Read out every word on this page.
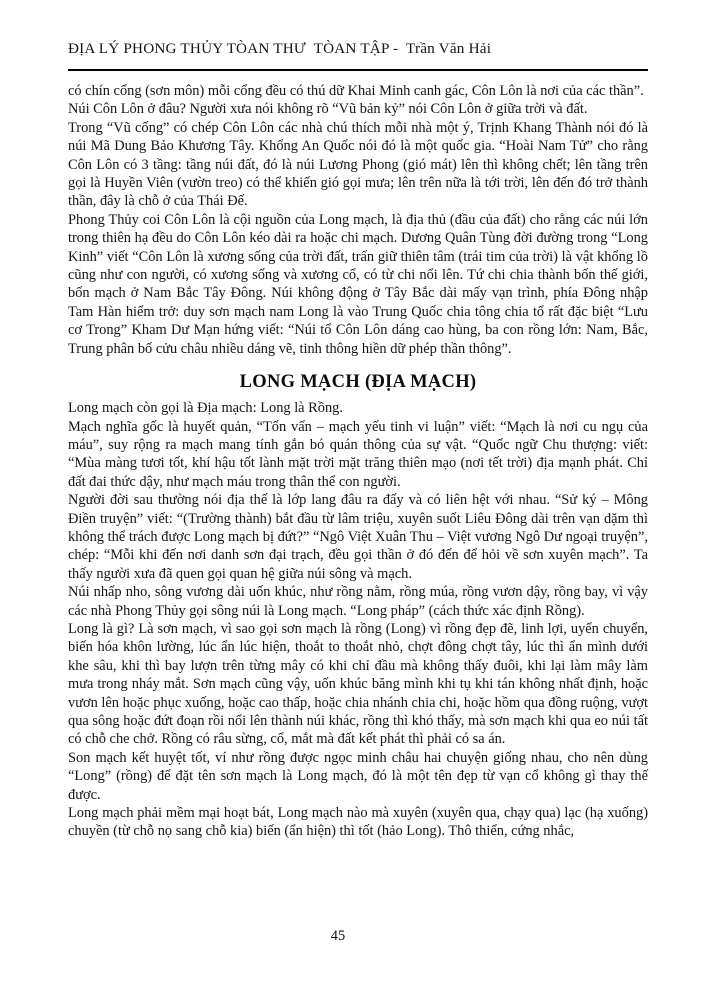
ĐỊA LÝ PHONG THỦY TÒAN THƯ  TÒAN TẬP -  Trần Văn Hải

có chín cổng (sơn môn) mỗi cổng đều có thú dữ Khai Minh canh gác, Côn Lôn là nơi của các thần”.

Núi Côn Lôn ở đâu? Người xưa nói không rõ “Vũ bản kỷ” nói Côn Lôn ở giữa trời và đất.

Trong “Vũ cống” có chép Côn Lôn các nhà chú thích mỗi nhà một ý, Trịnh Khang Thành nói đó là núi Mã Dung Bảo Khương Tây. Khổng An Quốc nói đó là một quốc gia. “Hoài Nam Tử” cho rằng Côn Lôn có 3 tầng: tầng núi đất, đó là núi Lương Phong (gió mát) lên thì không chết; lên tầng trên gọi là Huyền Viên (vườn treo) có thể khiến gió gọi mưa; lên trên nữa là tới trời, lên đến đó trở thành thần, đây là chỗ ở của Thái Đế.

Phong Thủy coi Côn Lôn là cội nguồn của Long mạch, là địa thủ (đầu của đất) cho rằng các núi lớn trong thiên hạ đều do Côn Lôn kéo dài ra hoặc chi mạch. Dương Quân Tùng đời đường trong “Long Kinh” viết “Côn Lôn là xương sống của trời đất, trấn giữ thiên tâm (trái tim của trời) là vật khổng lồ cũng như con người, có xương sống và xương cổ, có từ chi nổi lên. Tứ chi chia thành bốn thế giới, bốn mạch ở Nam Bắc Tây Đông. Núi không động ở Tây Bắc dài mấy vạn trình, phía Đông nhập Tam Hàn hiểm trở: duy sơn mạch nam Long là vào Trung Quốc chia tông chia tổ rất đặc biệt “Lưu cơ Trong” Kham Dư Mạn hứng viết: “Núi tổ Côn Lôn dáng cao hùng, ba con rồng lớn: Nam, Bắc, Trung phân bố cửu châu nhiều dáng vẽ, tinh thông hiền dữ phép thần thông”.

LONG MẠCH (ĐỊA MẠCH)

Long mạch còn gọi là Địa mạch: Long là Rồng.

Mạch nghĩa gốc là huyết quản, “Tốn vấn – mạch yếu tinh vi luận” viết: “Mạch là nơi cu ngụ của máu”, suy rộng ra mạch mang tính gắn bó quán thông của sự vật. “Quốc ngữ Chu thượng: viết: “Mùa màng tươi tốt, khí hậu tốt lành mặt trời mặt trăng thiên mạo (nơi tết trời) địa mạnh phát. Chỉ đất đai thức dậy, như mạch máu trong thân thể con người.

Người đời sau thường nói địa thế là lớp lang đâu ra đấy và có liên hệt với nhau. “Sử ký – Mông Điền truyện” viết: “(Trường thành) bắt đầu từ lâm triệu, xuyên suốt Liêu Đông dài trên vạn dặm thì không thể trách được Long mạch bị đứt?” “Ngô Việt Xuân Thu – Việt vương Ngô Dư ngoại truyện”, chép: “Mỗi khi đến nơi danh sơn đại trạch, đều gọi thần ở đó đến để hỏi về sơn xuyên mạch”. Ta thấy người xưa đã quen gọi quan hệ giữa núi sông và mạch.

Núi nhấp nho, sông vương dài uốn khúc, như rồng nằm, rồng múa, rồng vươn dậy, rồng bay, vì vậy các nhà Phong Thủy gọi sông núi là Long mạch. “Long pháp” (cách thức xác định Rồng).

Long là gì? Là sơn mạch, vì sao gọi sơn mạch là rồng (Long) vì rồng đẹp đẽ, linh lợi, uyển chuyển, biến hóa khôn lường, lúc ẩn lúc hiện, thoắt to thoắt nhỏ, chợt đông chợt tây, lúc thì ẩn mình dưới khe sâu, khi thì bay lượn trên từng mây có khi chỉ đầu mà không thấy đuôi, khi lại làm mây làm mưa trong nháy mắt. Sơn mạch cũng vậy, uốn khúc băng mình khi tụ khi tán không nhất định, hoặc vươn lên hoặc phục xuống, hoặc cao thấp, hoặc chia nhánh chia chi, hoặc hồm qua đồng ruộng, vượt qua sông hoặc đứt đoạn rồi nổi lên thành núi khác, rồng thì khó thấy, mà sơn mạch khi qua eo núi tất có chỗ che chở. Rồng có râu sừng, cổ, mắt mà đất kết phát thì phải có sa án.

Son mạch kết huyệt tốt, ví như rồng được ngọc minh châu hai chuyện giống nhau, cho nên dùng “Long” (rồng) để đặt tên sơn mạch là Long mạch, đó là một tên đẹp từ vạn cổ không gì thay thế được.

Long mạch phải mềm mại hoạt bát, Long mạch nào mà xuyên (xuyên qua, chạy qua) lạc (hạ xuống) chuyền (từ chỗ nọ sang chỗ kia) biến (ẩn hiện) thì tốt (hảo Long). Thô thiển, cứng nhắc,

45
